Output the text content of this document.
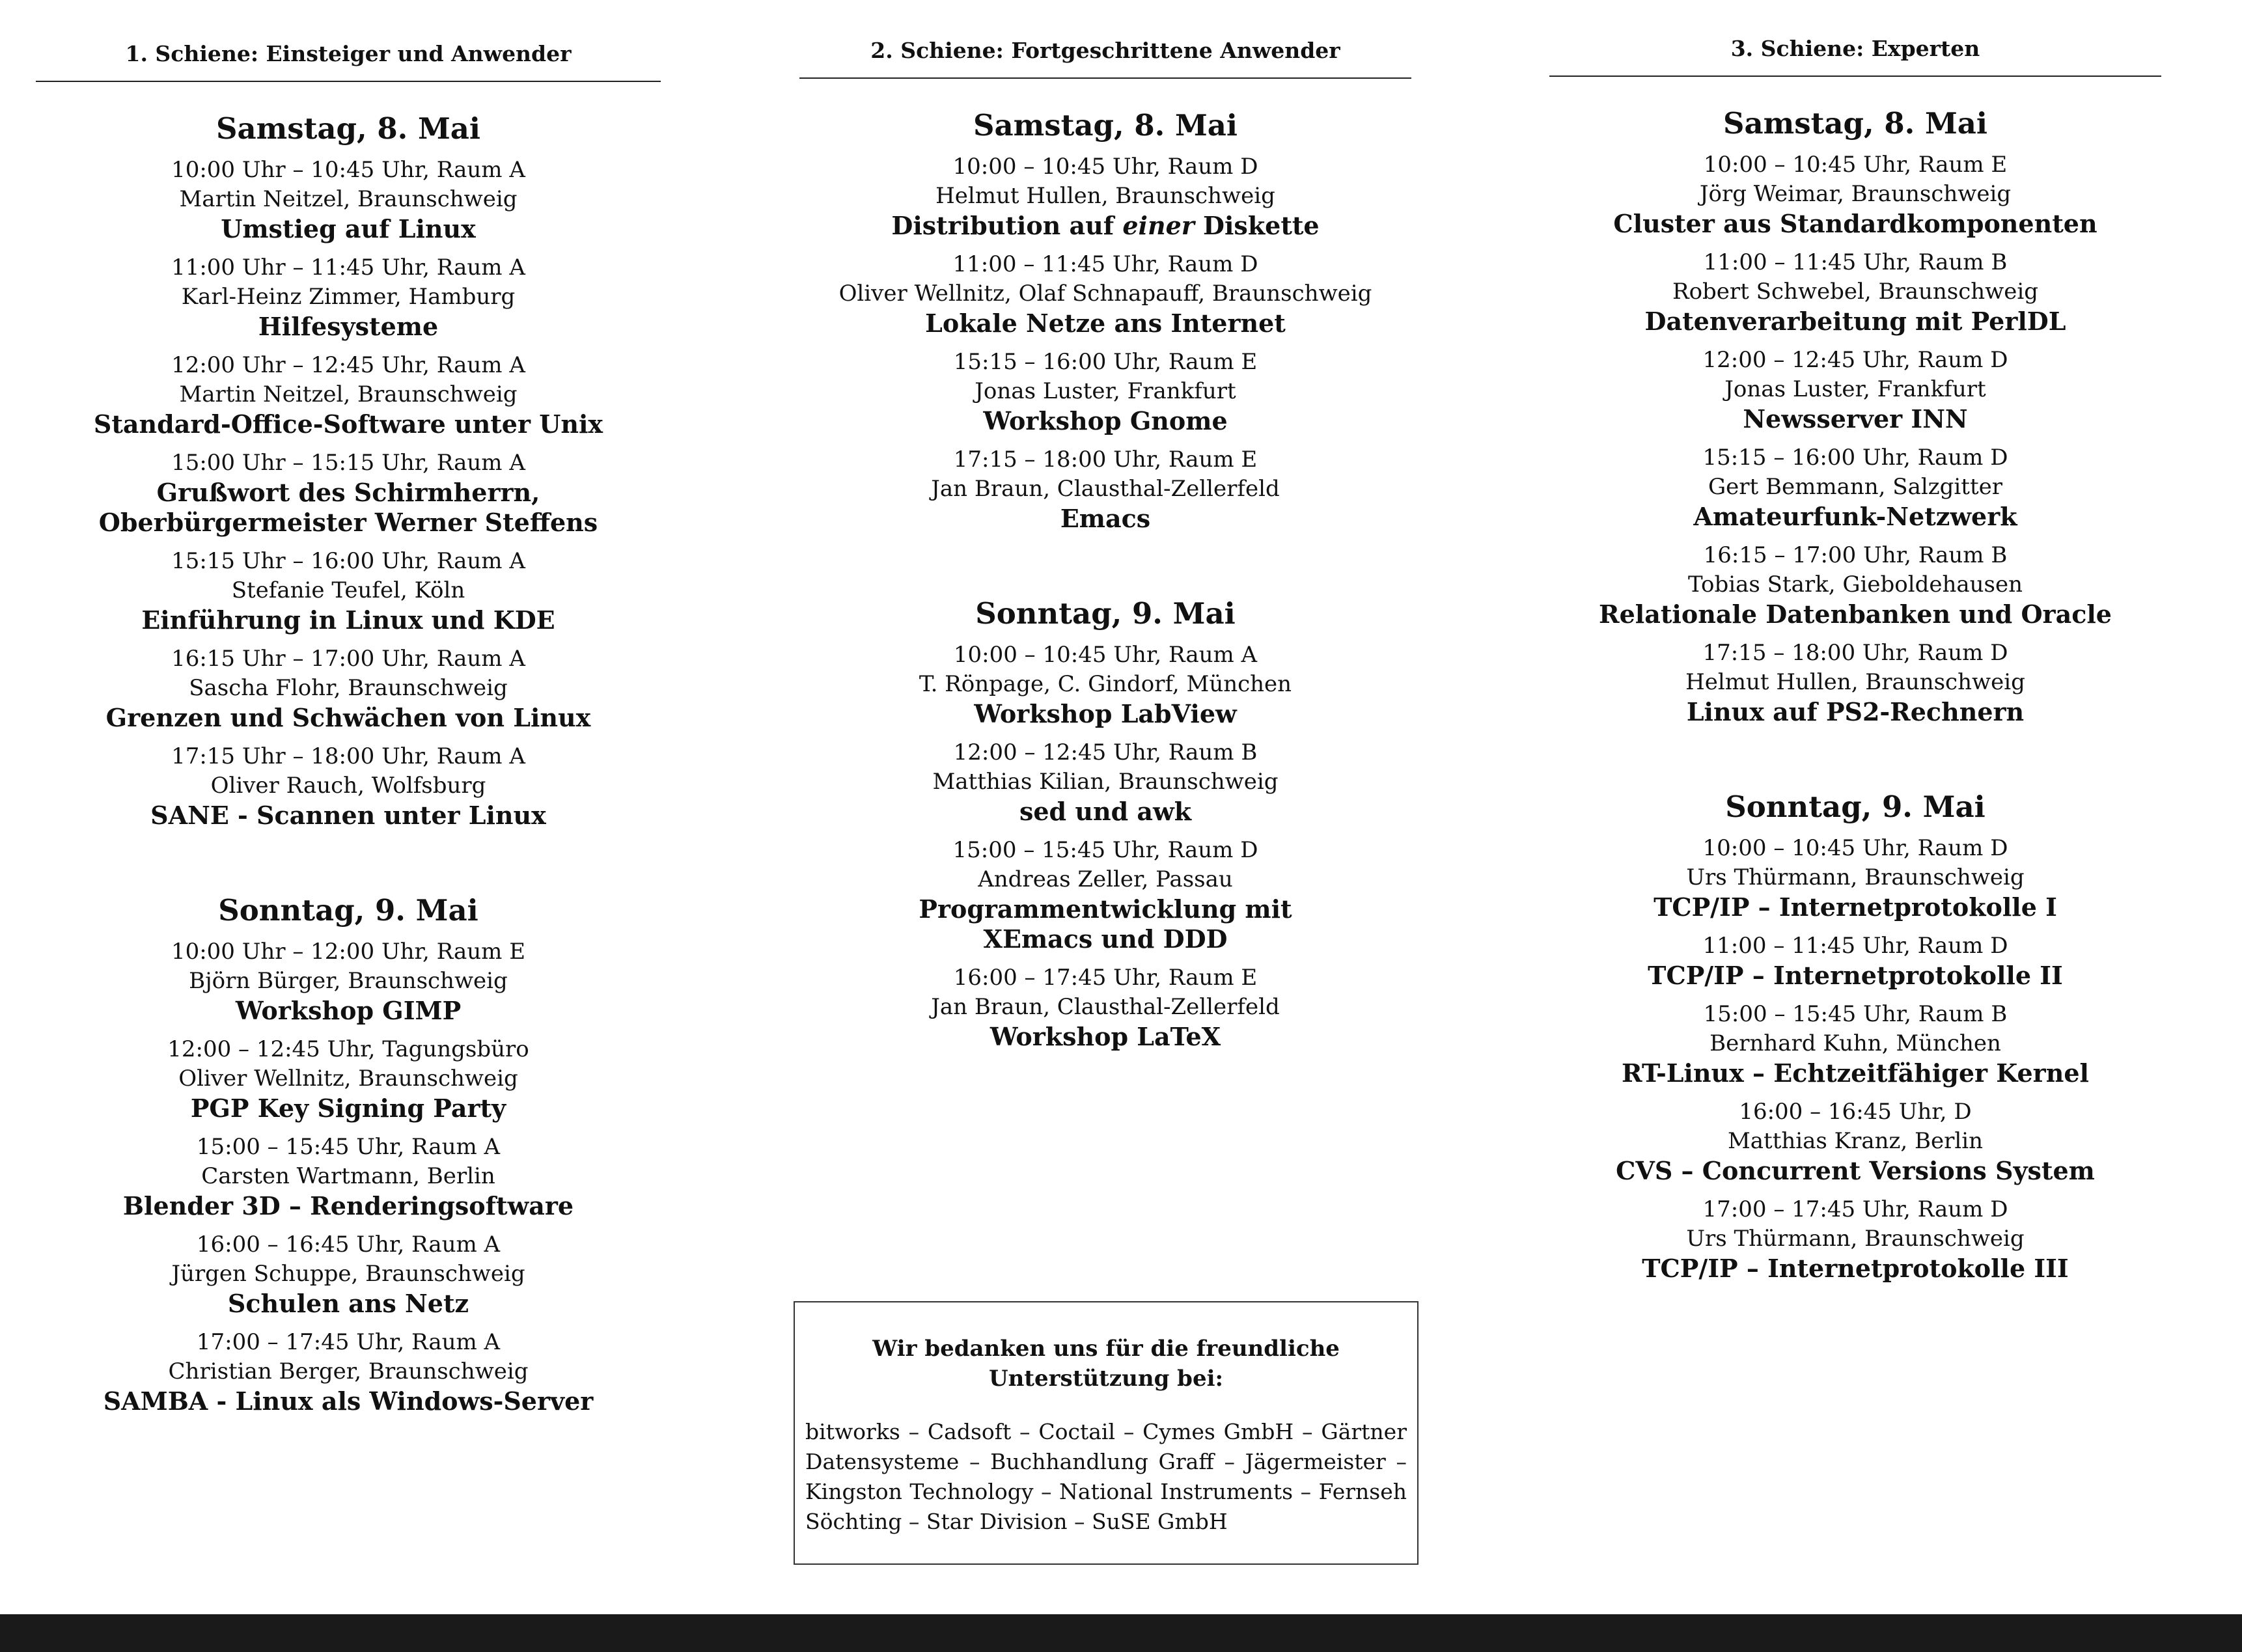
1. Schiene: Einsteiger und Anwender
Samstag, 8. Mai
10:00 Uhr – 10:45 Uhr, Raum A
Martin Neitzel, Braunschweig
Umstieg auf Linux
11:00 Uhr – 11:45 Uhr, Raum A
Karl-Heinz Zimmer, Hamburg
Hilfesysteme
12:00 Uhr – 12:45 Uhr, Raum A
Martin Neitzel, Braunschweig
Standard-Office-Software unter Unix
15:00 Uhr – 15:15 Uhr, Raum A
Grußwort des Schirmherrn,
Oberbürgermeister Werner Steffens
15:15 Uhr – 16:00 Uhr, Raum A
Stefanie Teufel, Köln
Einführung in Linux und KDE
16:15 Uhr – 17:00 Uhr, Raum A
Sascha Flohr, Braunschweig
Grenzen und Schwächen von Linux
17:15 Uhr – 18:00 Uhr, Raum A
Oliver Rauch, Wolfsburg
SANE - Scannen unter Linux
Sonntag, 9. Mai
10:00 Uhr – 12:00 Uhr, Raum E
Björn Bürger, Braunschweig
Workshop GIMP
12:00 – 12:45 Uhr, Tagungsbüro
Oliver Wellnitz, Braunschweig
PGP Key Signing Party
15:00 – 15:45 Uhr, Raum A
Carsten Wartmann, Berlin
Blender 3D – Renderingsoftware
16:00 – 16:45 Uhr, Raum A
Jürgen Schuppe, Braunschweig
Schulen ans Netz
17:00 – 17:45 Uhr, Raum A
Christian Berger, Braunschweig
SAMBA - Linux als Windows-Server
2. Schiene: Fortgeschrittene Anwender
Samstag, 8. Mai
10:00 – 10:45 Uhr, Raum D
Helmut Hullen, Braunschweig
Distribution auf einer Diskette
11:00 – 11:45 Uhr, Raum D
Oliver Wellnitz, Olaf Schnapauff, Braunschweig
Lokale Netze ans Internet
15:15 – 16:00 Uhr, Raum E
Jonas Luster, Frankfurt
Workshop Gnome
17:15 – 18:00 Uhr, Raum E
Jan Braun, Clausthal-Zellerfeld
Emacs
Sonntag, 9. Mai
10:00 – 10:45 Uhr, Raum A
T. Rönpage, C. Gindorf, München
Workshop LabView
12:00 – 12:45 Uhr, Raum B
Matthias Kilian, Braunschweig
sed und awk
15:00 – 15:45 Uhr, Raum D
Andreas Zeller, Passau
Programmentwicklung mit
XEmacs und DDD
16:00 – 17:45 Uhr, Raum E
Jan Braun, Clausthal-Zellerfeld
Workshop LaTeX
3. Schiene: Experten
Samstag, 8. Mai
10:00 – 10:45 Uhr, Raum E
Jörg Weimar, Braunschweig
Cluster aus Standardkomponenten
11:00 – 11:45 Uhr, Raum B
Robert Schwebel, Braunschweig
Datenverarbeitung mit PerlDL
12:00 – 12:45 Uhr, Raum D
Jonas Luster, Frankfurt
Newsserver INN
15:15 – 16:00 Uhr, Raum D
Gert Bemmann, Salzgitter
Amateurfunk-Netzwerk
16:15 – 17:00 Uhr, Raum B
Tobias Stark, Gieboldehausen
Relationale Datenbanken und Oracle
17:15 – 18:00 Uhr, Raum D
Helmut Hullen, Braunschweig
Linux auf PS2-Rechnern
Sonntag, 9. Mai
10:00 – 10:45 Uhr, Raum D
Urs Thürmann, Braunschweig
TCP/IP – Internetprotokolle I
11:00 – 11:45 Uhr, Raum D
TCP/IP – Internetprotokolle II
15:00 – 15:45 Uhr, Raum B
Bernhard Kuhn, München
RT-Linux – Echtzeitfähiger Kernel
16:00 – 16:45 Uhr, D
Matthias Kranz, Berlin
CVS – Concurrent Versions System
17:00 – 17:45 Uhr, Raum D
Urs Thürmann, Braunschweig
TCP/IP – Internetprotokolle III
Wir bedanken uns für die freundliche Unterstützung bei:
bitworks – Cadsoft – Coctail – Cymes GmbH – Gärtner Datensysteme – Buchhandlung Graff – Jägermeister – Kingston Technology – National Instruments – Fernseh Söchting – Star Division – SuSE GmbH
